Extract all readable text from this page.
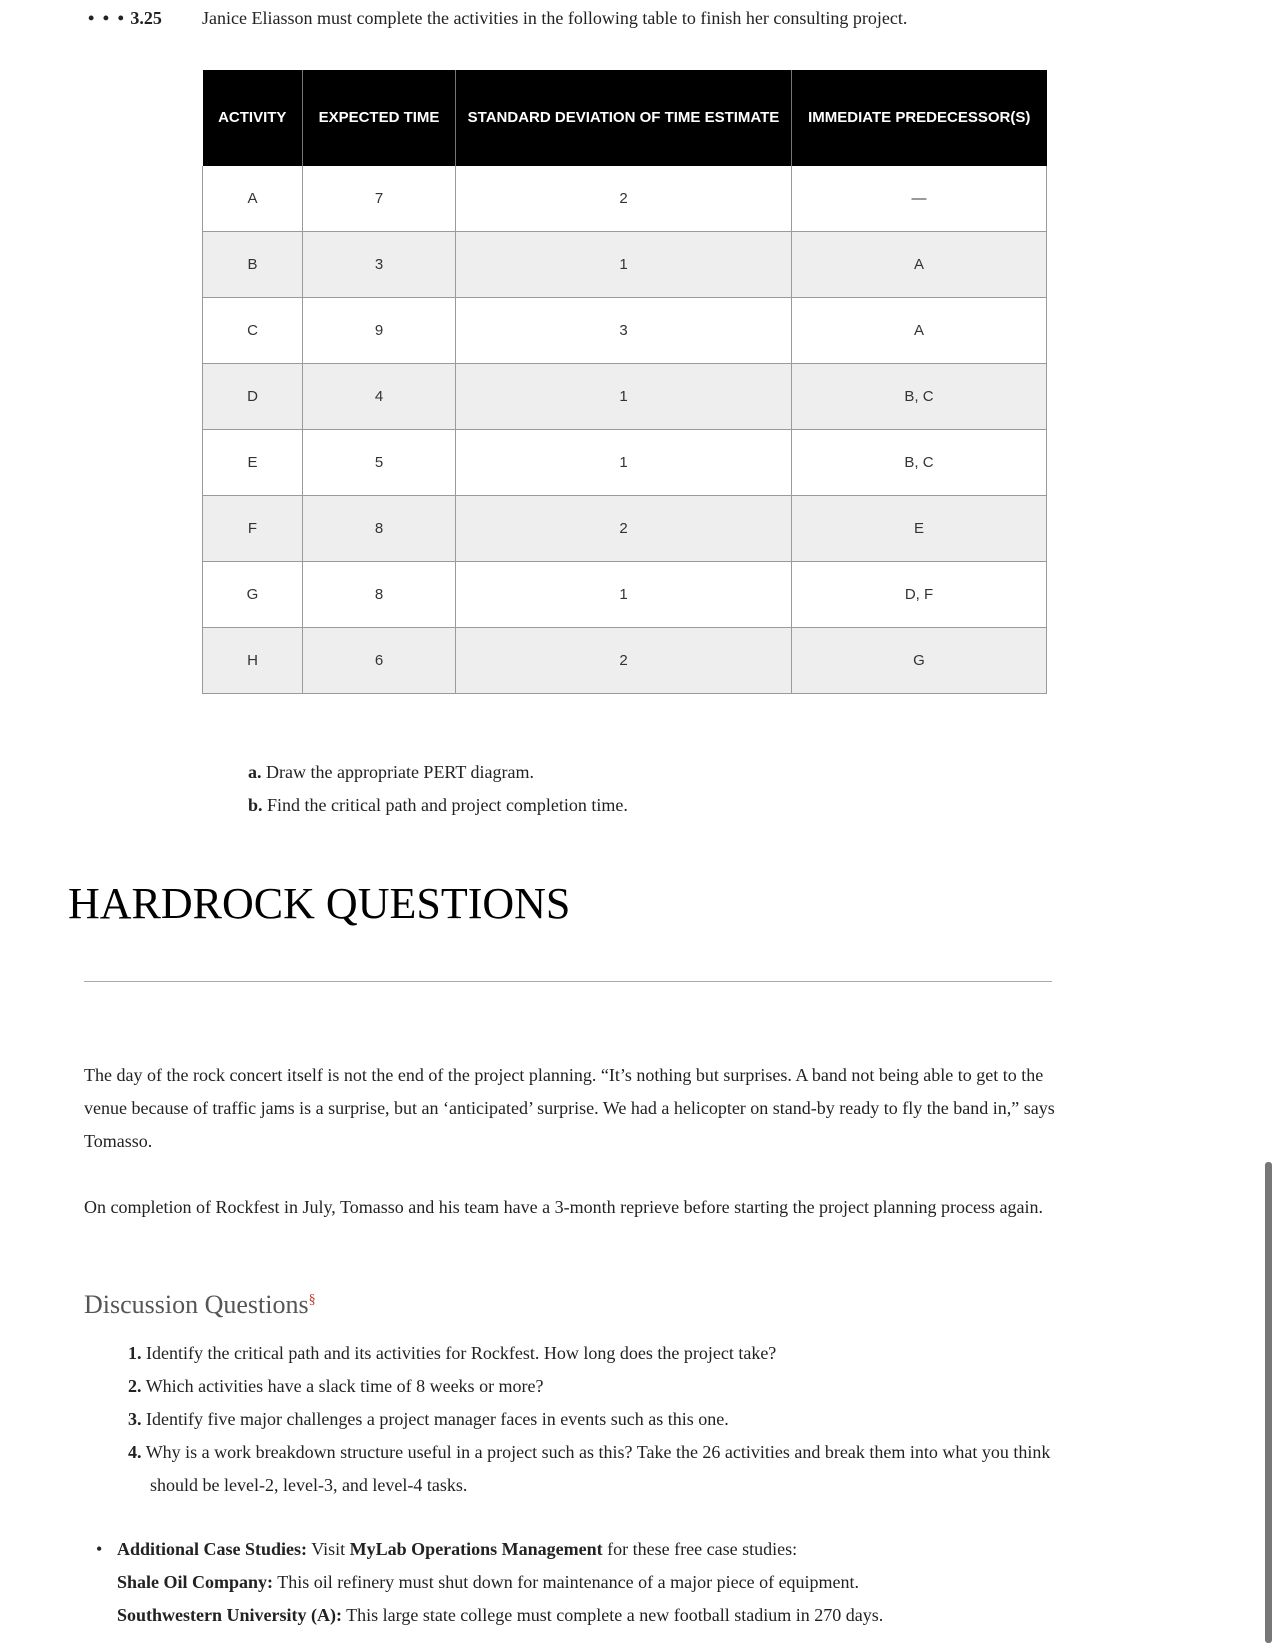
• • • 3.25 Janice Eliasson must complete the activities in the following table to finish her consulting project.
ACTIVITY	EXPECTED TIME	STANDARD DEVIATION OF TIME ESTIMATE	IMMEDIATE PREDECESSOR(S)
A	7	2	—
B	3	1	A
C	9	3	A
D	4	1	B, C
E	5	1	B, C
F	8	2	E
G	8	1	D, F
H	6	2	G
a. Draw the appropriate PERT diagram.
b. Find the critical path and project completion time.
HARDROCK QUESTIONS

The day of the rock concert itself is not the end of the project planning. “It’s nothing but surprises. A band not being able to get to the venue because of traffic jams is a surprise, but an ‘anticipated’ surprise. We had a helicopter on stand-by ready to fly the band in,” says Tomasso.

On completion of Rockfest in July, Tomasso and his team have a 3-month reprieve before starting the project planning process again.

Discussion Questions§
1. Identify the critical path and its activities for Rockfest. How long does the project take?
2. Which activities have a slack time of 8 weeks or more?
3. Identify five major challenges a project manager faces in events such as this one.
4. Why is a work breakdown structure useful in a project such as this? Take the 26 activities and break them into what you think should be level-2, level-3, and level-4 tasks.
• Additional Case Studies: Visit MyLab Operations Management for these free case studies:
Shale Oil Company: This oil refinery must shut down for maintenance of a major piece of equipment.
Southwestern University (A): This large state college must complete a new football stadium in 270 days.
